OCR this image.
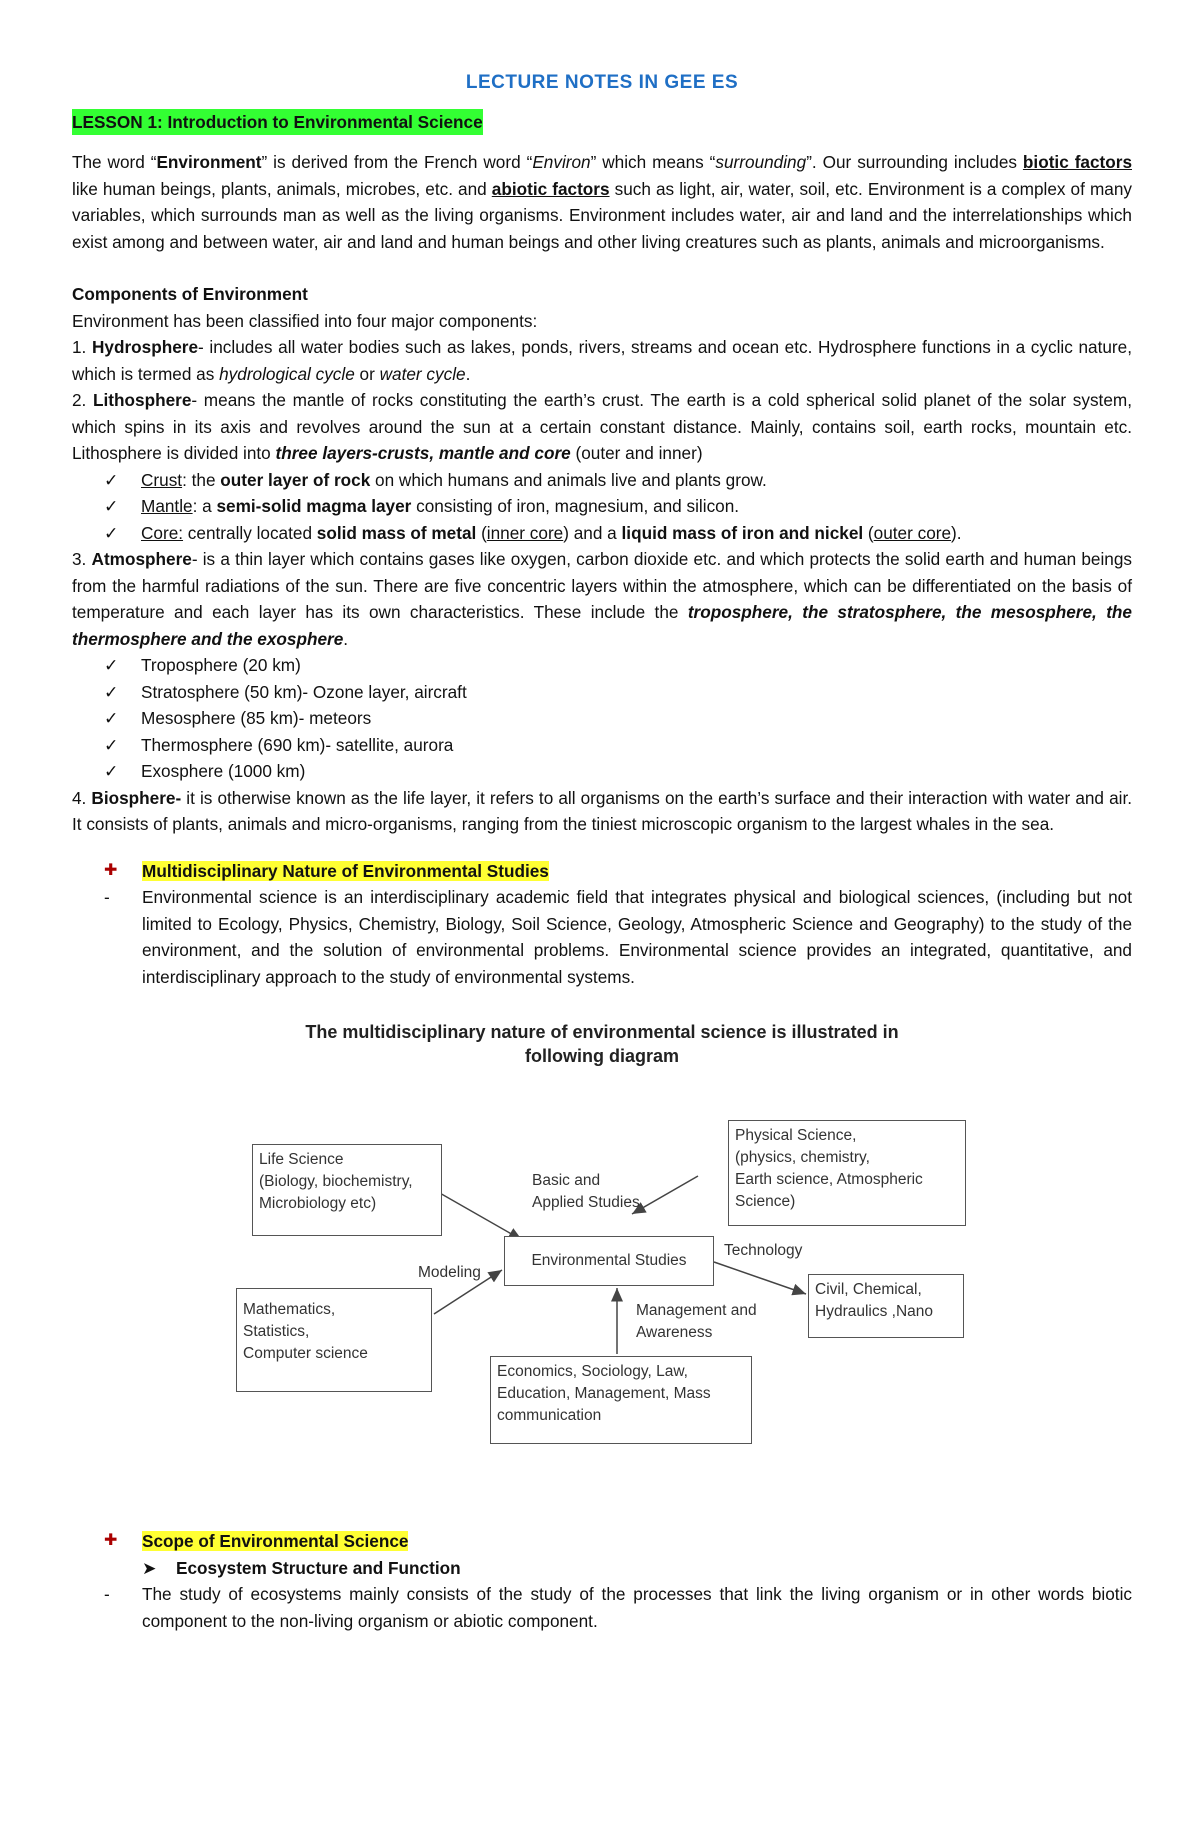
LECTURE NOTES IN GEE ES
LESSON 1: Introduction to Environmental Science

The word “Environment” is derived from the French word “Environ” which means “surrounding”. Our surrounding includes biotic factors like human beings, plants, animals, microbes, etc. and abiotic factors such as light, air, water, soil, etc. Environment is a complex of many variables, which surrounds man as well as the living organisms. Environment includes water, air and land and the interrelationships which exist among and between water, air and land and human beings and other living creatures such as plants, animals and microorganisms.

Components of Environment

Environment has been classified into four major components:

1. Hydrosphere- includes all water bodies such as lakes, ponds, rivers, streams and ocean etc. Hydrosphere functions in a cyclic nature, which is termed as hydrological cycle or water cycle.

2. Lithosphere- means the mantle of rocks constituting the earth’s crust. The earth is a cold spherical solid planet of the solar system, which spins in its axis and revolves around the sun at a certain constant distance. Mainly, contains soil, earth rocks, mountain etc. Lithosphere is divided into three layers-crusts, mantle and core (outer and inner)

✓ Crust: the outer layer of rock on which humans and animals live and plants grow.
✓ Mantle: a semi-solid magma layer consisting of iron, magnesium, and silicon.
✓ Core: centrally located solid mass of metal (inner core) and a liquid mass of iron and nickel (outer core).

3. Atmosphere- is a thin layer which contains gases like oxygen, carbon dioxide etc. and which protects the solid earth and human beings from the harmful radiations of the sun. There are five concentric layers within the atmosphere, which can be differentiated on the basis of temperature and each layer has its own characteristics. These include the troposphere, the stratosphere, the mesosphere, the thermosphere and the exosphere.

✓ Troposphere (20 km)
✓ Stratosphere (50 km)- Ozone layer, aircraft
✓ Mesosphere (85 km)- meteors
✓ Thermosphere (690 km)- satellite, aurora
✓ Exosphere (1000 km)

4. Biosphere- it is otherwise known as the life layer, it refers to all organisms on the earth’s surface and their interaction with water and air. It consists of plants, animals and micro-organisms, ranging from the tiniest microscopic organism to the largest whales in the sea.

✚ Multidisciplinary Nature of Environmental Studies
- Environmental science is an interdisciplinary academic field that integrates physical and biological sciences, (including but not limited to Ecology, Physics, Chemistry, Biology, Soil Science, Geology, Atmospheric Science and Geography) to the study of the environment, and the solution of environmental problems. Environmental science provides an integrated, quantitative, and interdisciplinary approach to the study of environmental systems.
The multidisciplinary nature of environmental science is illustrated in
following diagram
Life Science
(Biology, biochemistry,
Microbiology etc)
Physical Science,
(physics, chemistry,
Earth science, Atmospheric
Science)
Environmental Studies
Mathematics,
Statistics,
Computer science
Civil, Chemical,
Hydraulics ,Nano
Economics, Sociology, Law,
Education, Management, Mass
communication
Basic and
Applied Studies
Modeling
Technology
Management and
Awareness
✚ Scope of Environmental Science
➤ Ecosystem Structure and Function
- The study of ecosystems mainly consists of the study of the processes that link the living organism or in other words biotic component to the non-living organism or abiotic component.
